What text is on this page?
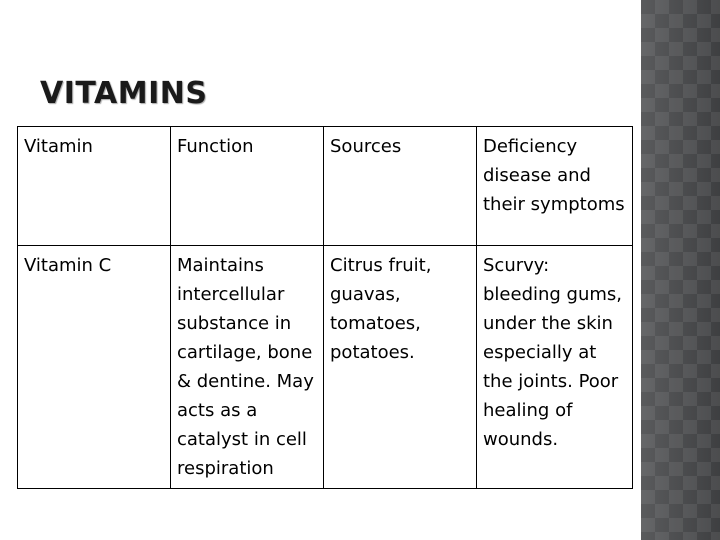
VITAMINS
Vitamin	Function	Sources	Deficiency disease and their symptoms
Vitamin C	Maintains intercellular substance in cartilage, bone & dentine. May acts as a catalyst in cell respiration	Citrus fruit, guavas, tomatoes, potatoes.	Scurvy: bleeding gums, under the skin especially at the joints. Poor healing of wounds.
